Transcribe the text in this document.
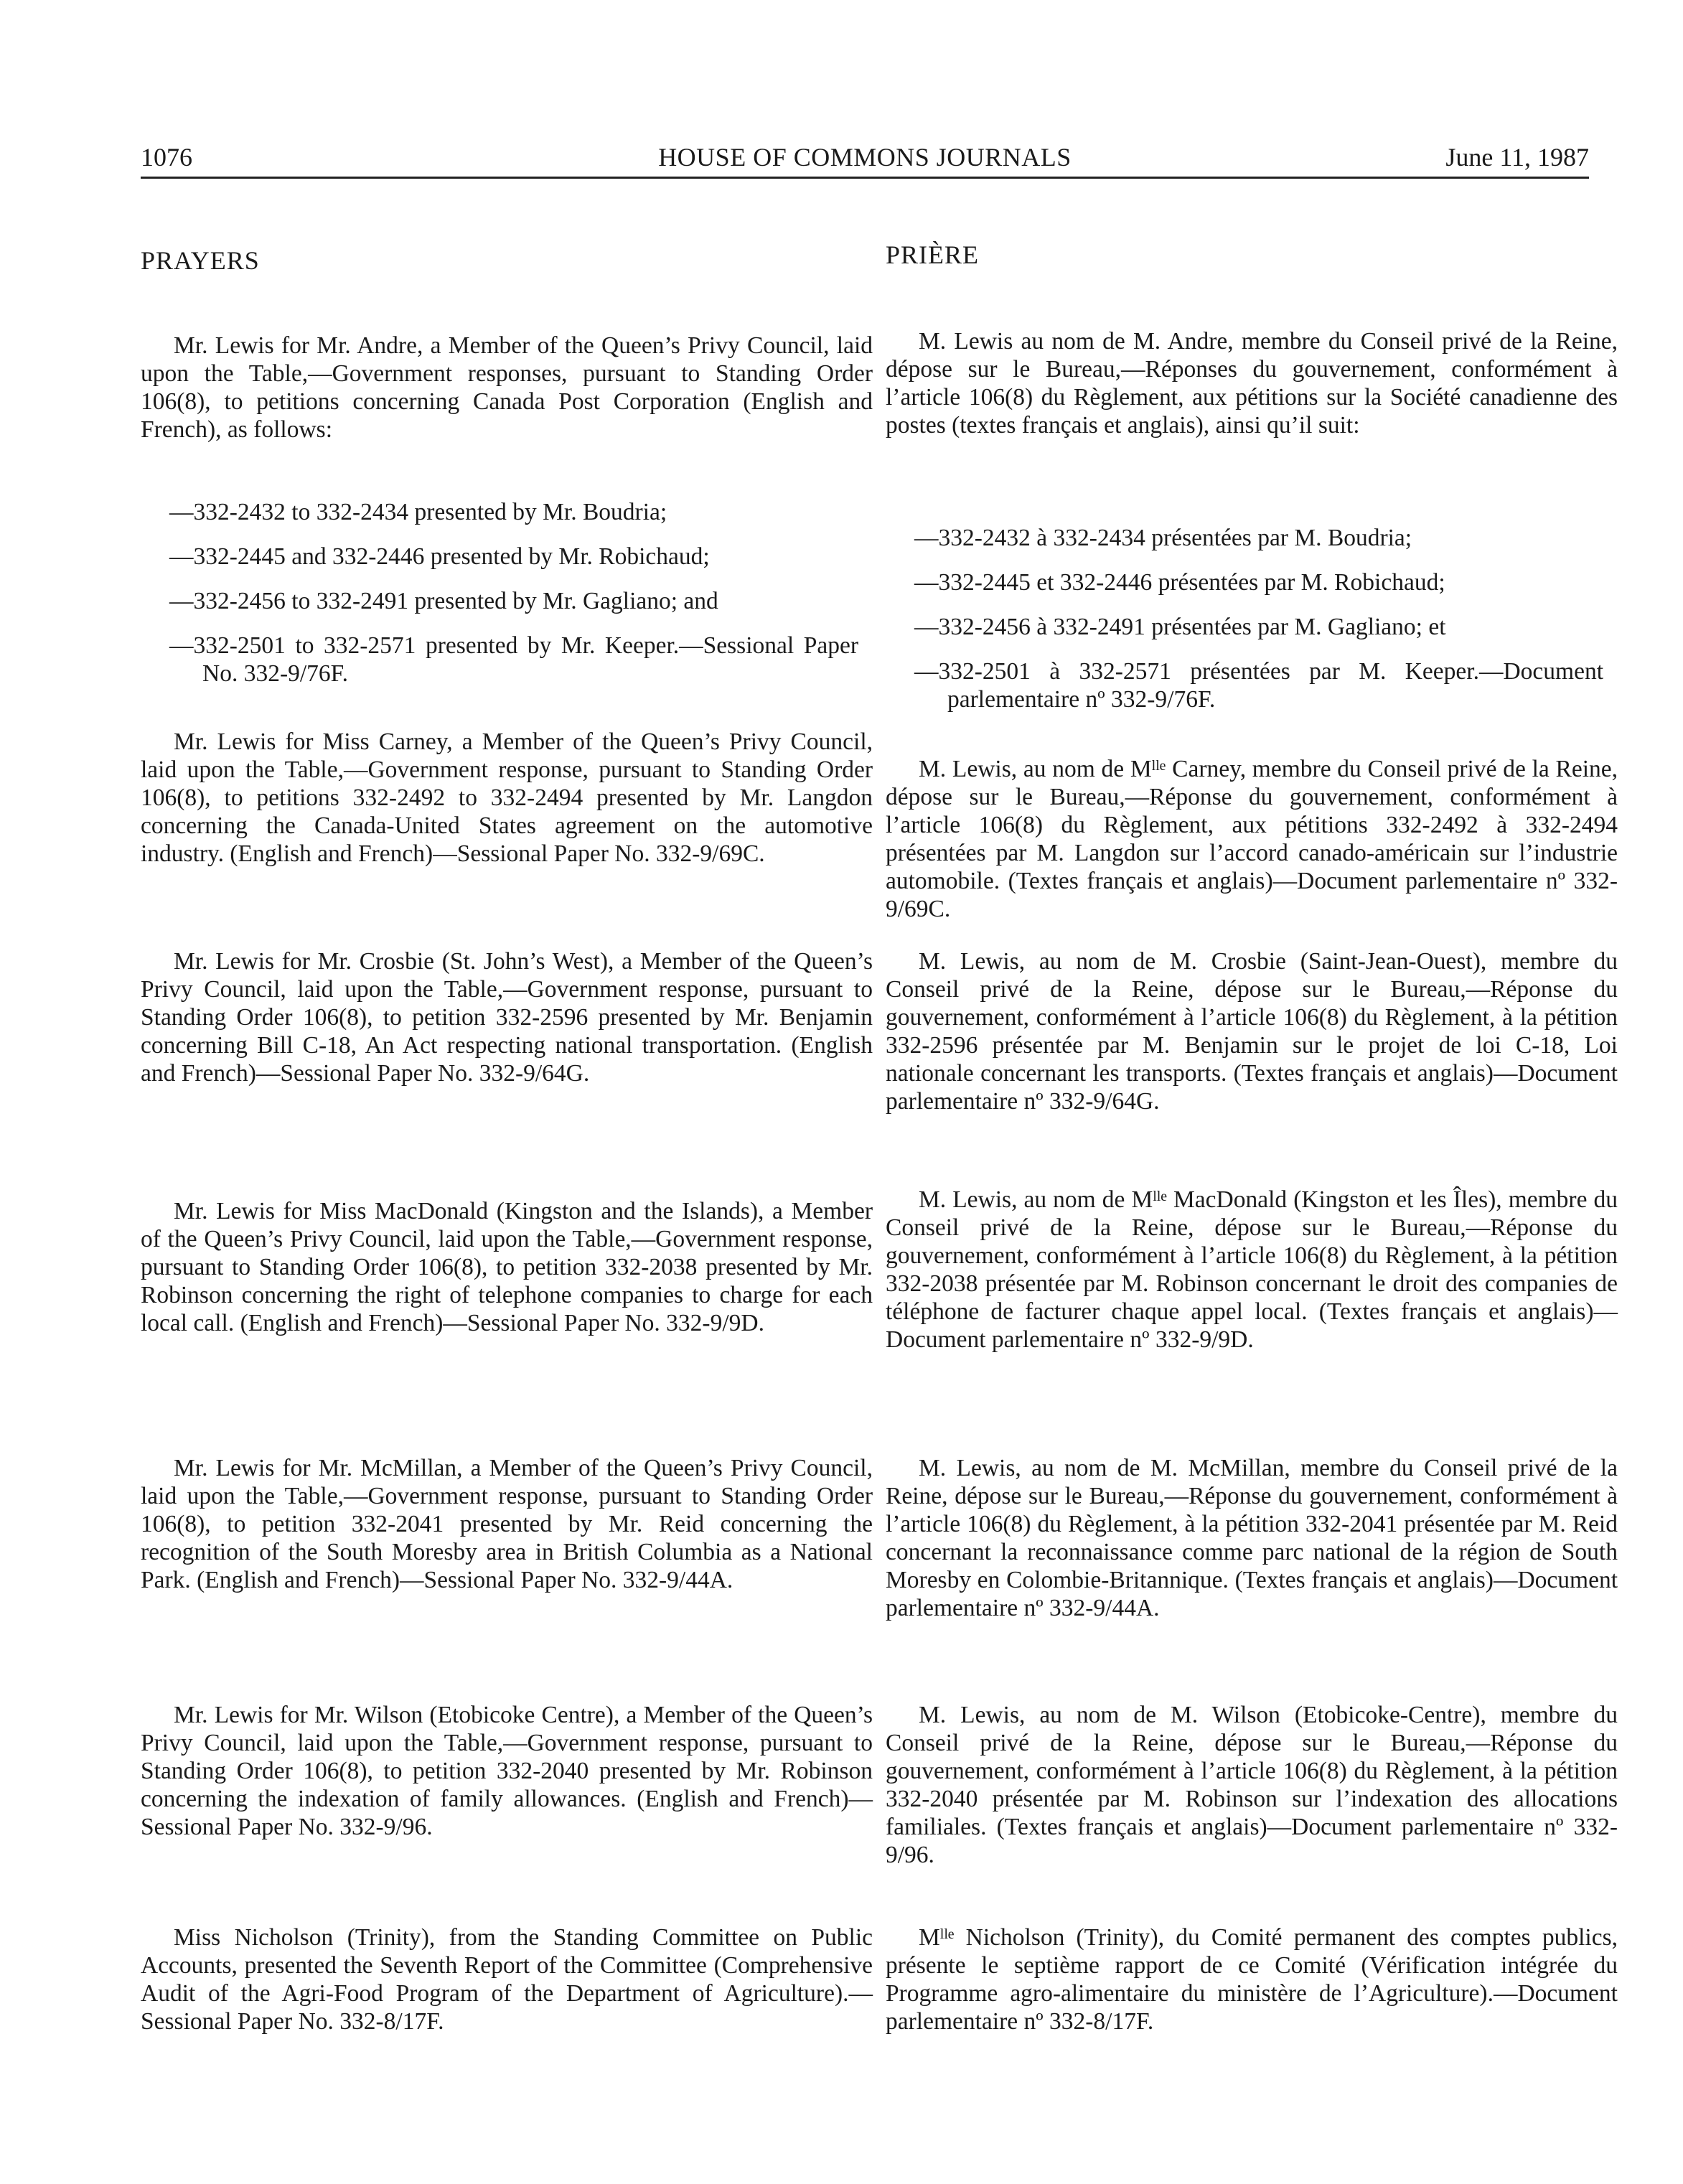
1076	HOUSE OF COMMONS JOURNALS	June 11, 1987
PRAYERS
Mr. Lewis for Mr. Andre, a Member of the Queen’s Privy Council, laid upon the Table,—Government responses, pursuant to Standing Order 106(8), to petitions concerning Canada Post Corporation (English and French), as follows:
—332-2432 to 332-2434 presented by Mr. Boudria;
—332-2445 and 332-2446 presented by Mr. Robichaud;
—332-2456 to 332-2491 presented by Mr. Gagliano; and
—332-2501 to 332-2571 presented by Mr. Keeper.—Sessional Paper No. 332-9/76F.
Mr. Lewis for Miss Carney, a Member of the Queen’s Privy Council, laid upon the Table,—Government response, pursuant to Standing Order 106(8), to petitions 332-2492 to 332-2494 presented by Mr. Langdon concerning the Canada-United States agreement on the automotive industry. (English and French)—Sessional Paper No. 332-9/69C.
Mr. Lewis for Mr. Crosbie (St. John’s West), a Member of the Queen’s Privy Council, laid upon the Table,—Government response, pursuant to Standing Order 106(8), to petition 332-2596 presented by Mr. Benjamin concerning Bill C-18, An Act respecting national transportation. (English and French)—Sessional Paper No. 332-9/64G.
Mr. Lewis for Miss MacDonald (Kingston and the Islands), a Member of the Queen’s Privy Council, laid upon the Table,—Government response, pursuant to Standing Order 106(8), to petition 332-2038 presented by Mr. Robinson concerning the right of telephone companies to charge for each local call. (English and French)—Sessional Paper No. 332-9/9D.
Mr. Lewis for Mr. McMillan, a Member of the Queen’s Privy Council, laid upon the Table,—Government response, pursuant to Standing Order 106(8), to petition 332-2041 presented by Mr. Reid concerning the recognition of the South Moresby area in British Columbia as a National Park. (English and French)—Sessional Paper No. 332-9/44A.
Mr. Lewis for Mr. Wilson (Etobicoke Centre), a Member of the Queen’s Privy Council, laid upon the Table,—Government response, pursuant to Standing Order 106(8), to petition 332-2040 presented by Mr. Robinson concerning the indexation of family allowances. (English and French)—Sessional Paper No. 332-9/96.
Miss Nicholson (Trinity), from the Standing Committee on Public Accounts, presented the Seventh Report of the Committee (Comprehensive Audit of the Agri-Food Program of the Department of Agriculture).—Sessional Paper No. 332-8/17F.
PRIÈRE
M. Lewis au nom de M. Andre, membre du Conseil privé de la Reine, dépose sur le Bureau,—Réponses du gouvernement, conformément à l’article 106(8) du Règlement, aux pétitions sur la Société canadienne des postes (textes français et anglais), ainsi qu’il suit:
—332-2432 à 332-2434 présentées par M. Boudria;
—332-2445 et 332-2446 présentées par M. Robichaud;
—332-2456 à 332-2491 présentées par M. Gagliano; et
—332-2501 à 332-2571 présentées par M. Keeper.—Document parlementaire nº 332-9/76F.
M. Lewis, au nom de Mˡˡᵉ Carney, membre du Conseil privé de la Reine, dépose sur le Bureau,—Réponse du gouvernement, conformément à l’article 106(8) du Règlement, aux pétitions 332-2492 à 332-2494 présentées par M. Langdon sur l’accord canado-américain sur l’industrie automobile. (Textes français et anglais)—Document parlementaire nº 332-9/69C.
M. Lewis, au nom de M. Crosbie (Saint-Jean-Ouest), membre du Conseil privé de la Reine, dépose sur le Bureau,—Réponse du gouvernement, conformément à l’article 106(8) du Règlement, à la pétition 332-2596 présentée par M. Benjamin sur le projet de loi C-18, Loi nationale concernant les transports. (Textes français et anglais)—Document parlementaire nº 332-9/64G.
M. Lewis, au nom de Mˡˡᵉ MacDonald (Kingston et les Îles), membre du Conseil privé de la Reine, dépose sur le Bureau,—Réponse du gouvernement, conformément à l’article 106(8) du Règlement, à la pétition 332-2038 présentée par M. Robinson concernant le droit des companies de téléphone de facturer chaque appel local. (Textes français et anglais)—Document parlementaire nº 332-9/9D.
M. Lewis, au nom de M. McMillan, membre du Conseil privé de la Reine, dépose sur le Bureau,—Réponse du gouvernement, conformément à l’article 106(8) du Règlement, à la pétition 332-2041 présentée par M. Reid concernant la reconnaissance comme parc national de la région de South Moresby en Colombie-Britannique. (Textes français et anglais)—Document parlementaire nº 332-9/44A.
M. Lewis, au nom de M. Wilson (Etobicoke-Centre), membre du Conseil privé de la Reine, dépose sur le Bureau,—Réponse du gouvernement, conformément à l’article 106(8) du Règlement, à la pétition 332-2040 présentée par M. Robinson sur l’indexation des allocations familiales. (Textes français et anglais)—Document parlementaire nº 332-9/96.
Mˡˡᵉ Nicholson (Trinity), du Comité permanent des comptes publics, présente le septième rapport de ce Comité (Vérification intégrée du Programme agro-alimentaire du ministère de l’Agriculture).—Document parlementaire nº 332-8/17F.
